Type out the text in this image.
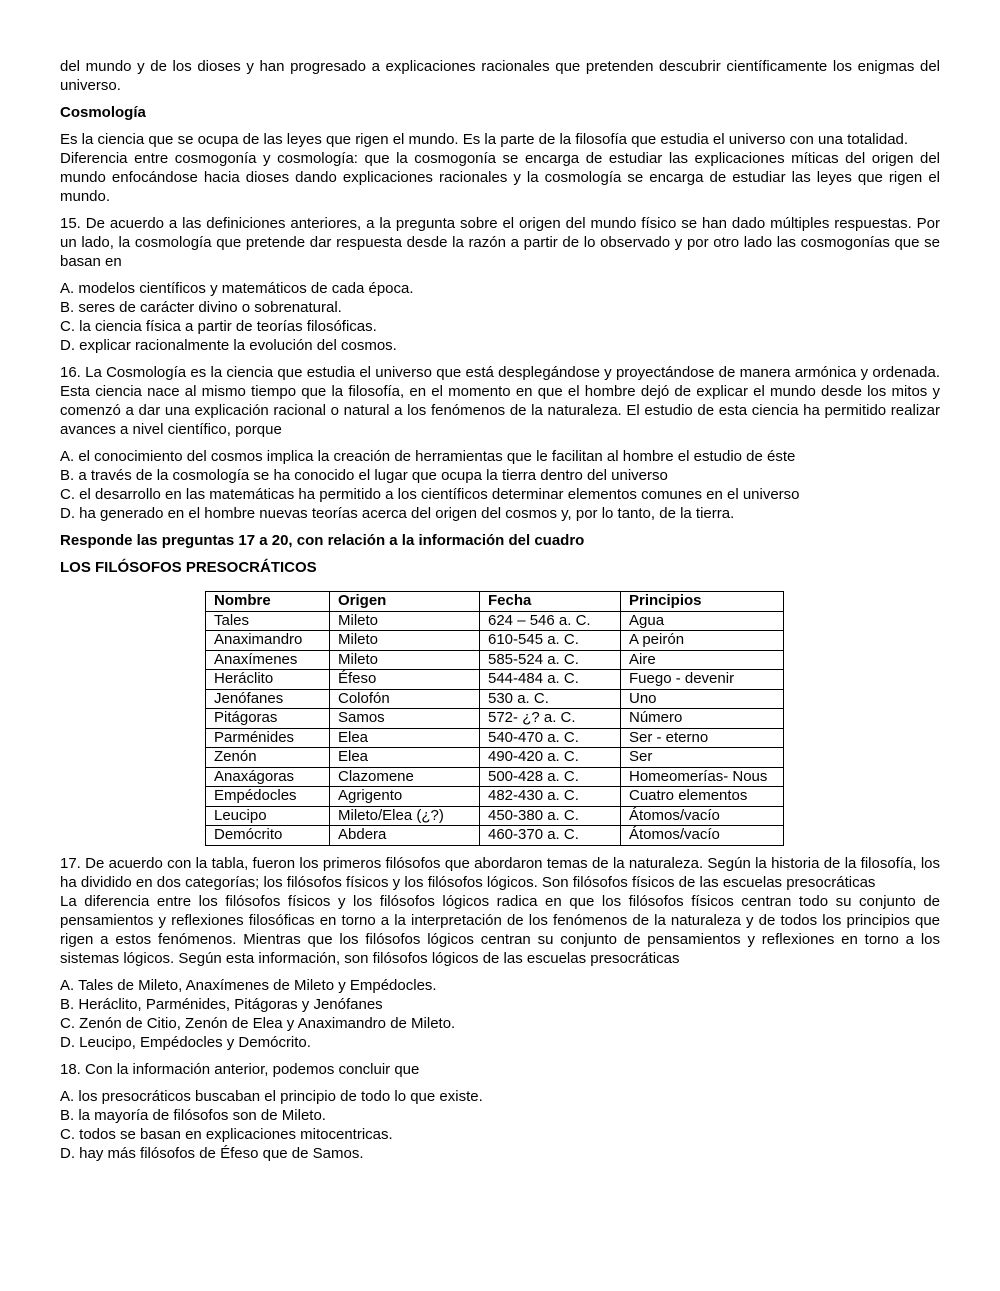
del mundo y de los dioses y han progresado a explicaciones racionales que pretenden descubrir científicamente los enigmas del universo.

Cosmología

Es la ciencia que se ocupa de las leyes que rigen el mundo. Es la parte de la filosofía que estudia el universo con una totalidad.

Diferencia entre cosmogonía y cosmología: que la cosmogonía se encarga de estudiar las explicaciones míticas del origen del mundo enfocándose hacia dioses dando explicaciones racionales y la cosmología se encarga de estudiar las leyes que rigen el mundo.

15. De acuerdo a las definiciones anteriores, a la pregunta sobre el origen del mundo físico se han dado múltiples respuestas. Por un lado, la cosmología que pretende dar respuesta desde la razón a partir de lo observado y por otro lado las cosmogonías que se basan en

A. modelos científicos y matemáticos de cada época.
B. seres de carácter divino o sobrenatural.
C. la ciencia física a partir de teorías filosóficas.
D. explicar racionalmente la evolución del cosmos.

16. La Cosmología es la ciencia que estudia el universo que está desplegándose y proyectándose de manera armónica y ordenada. Esta ciencia nace al mismo tiempo que la filosofía, en el momento en que el hombre dejó de explicar el mundo desde los mitos y comenzó a dar una explicación racional o natural a los fenómenos de la naturaleza. El estudio de esta ciencia ha permitido realizar avances a nivel científico, porque

A. el conocimiento del cosmos implica la creación de herramientas que le facilitan al hombre el estudio de éste
B. a través de la cosmología se ha conocido el lugar que ocupa la tierra dentro del universo
C. el desarrollo en las matemáticas ha permitido a los científicos determinar elementos comunes en el universo
D. ha generado en el hombre nuevas teorías acerca del origen del cosmos y, por lo tanto, de la tierra.

Responde las preguntas 17 a 20, con relación a la información del cuadro

LOS FILÓSOFOS PRESOCRÁTICOS

Nombre	Origen	Fecha	Principios
Tales	Mileto	624 – 546 a. C.	Agua
Anaximandro	Mileto	610-545 a. C.	A peirón
Anaxímenes	Mileto	585-524 a. C.	Aire
Heráclito	Éfeso	544-484 a. C.	Fuego - devenir
Jenófanes	Colofón	530 a. C.	Uno
Pitágoras	Samos	572- ¿? a. C.	Número
Parménides	Elea	540-470 a. C.	Ser - eterno
Zenón	Elea	490-420 a. C.	Ser
Anaxágoras	Clazomene	500-428 a. C.	Homeomerías- Nous
Empédocles	Agrigento	482-430 a. C.	Cuatro elementos
Leucipo	Mileto/Elea (¿?)	450-380 a. C.	Átomos/vacío
Demócrito	Abdera	460-370 a. C.	Átomos/vacío

17. De acuerdo con la tabla, fueron los primeros filósofos que abordaron temas de la naturaleza. Según la historia de la filosofía, los ha dividido en dos categorías; los filósofos físicos y los filósofos lógicos. Son filósofos físicos de las escuelas presocráticas

La diferencia entre los filósofos físicos y los filósofos lógicos radica en que los filósofos físicos centran todo su conjunto de pensamientos y reflexiones filosóficas en torno a la interpretación de los fenómenos de la naturaleza y de todos los principios que rigen a estos fenómenos. Mientras que los filósofos lógicos centran su conjunto de pensamientos y reflexiones en torno a los sistemas lógicos. Según esta información, son filósofos lógicos de las escuelas presocráticas

A. Tales de Mileto, Anaxímenes de Mileto y Empédocles.
B. Heráclito, Parménides, Pitágoras y Jenófanes
C. Zenón de Citio, Zenón de Elea y Anaximandro de Mileto.
D. Leucipo, Empédocles y Demócrito.

18. Con la información anterior, podemos concluir que

A. los presocráticos buscaban el principio de todo lo que existe.
B. la mayoría de filósofos son de Mileto.
C. todos se basan en explicaciones mitocentricas.
D. hay más filósofos de Éfeso que de Samos.
